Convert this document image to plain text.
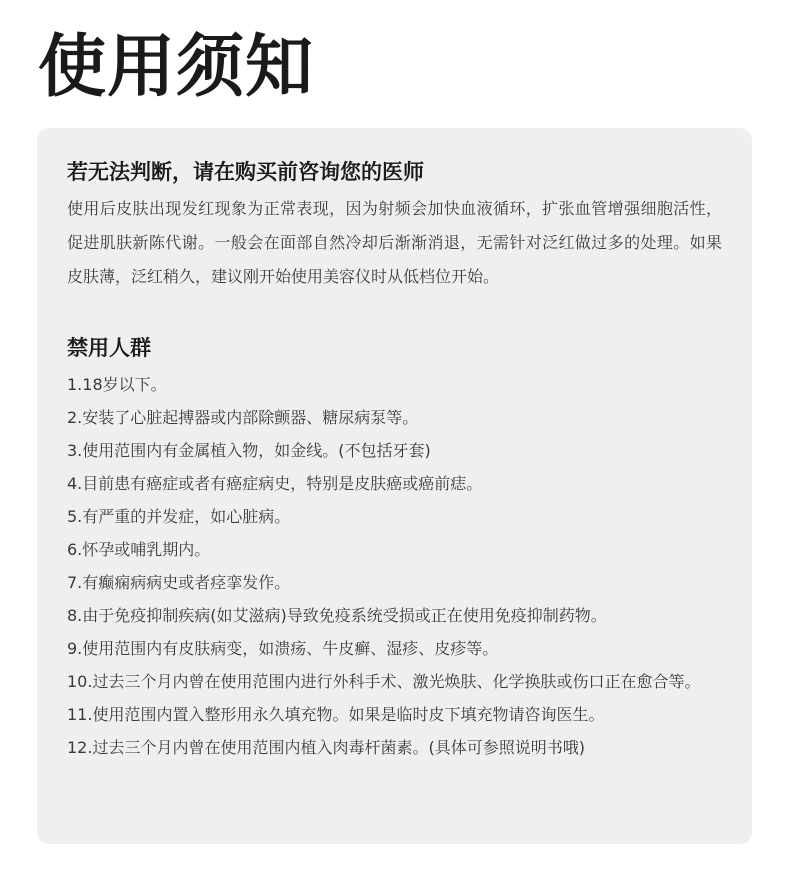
使用须知
若无法判断，请在购买前咨询您的医师

使用后皮肤出现发红现象为正常表现，因为射频会加快血液循环，扩张血管增强细胞活性，促进肌肤新陈代谢。一般会在面部自然冷却后渐渐消退，无需针对泛红做过多的处理。如果皮肤薄，泛红稍久，建议刚开始使用美容仪时从低档位开始。

禁用人群
1.18岁以下。
2.安装了心脏起搏器或内部除颤器、糖尿病泵等。
3.使用范围内有金属植入物，如金线。(不包括牙套)
4.目前患有癌症或者有癌症病史，特别是皮肤癌或癌前痣。
5.有严重的并发症，如心脏病。
6.怀孕或哺乳期内。
7.有癫痫病病史或者痉挛发作。
8.由于免疫抑制疾病(如艾滋病)导致免疫系统受损或正在使用免疫抑制药物。
9.使用范围内有皮肤病变，如溃疡、牛皮癣、湿疹、皮疹等。
10.过去三个月内曾在使用范围内进行外科手术、激光焕肤、化学换肤或伤口正在愈合等。
11.使用范围内置入整形用永久填充物。如果是临时皮下填充物请咨询医生。
12.过去三个月内曾在使用范围内植入肉毒杆菌素。(具体可参照说明书哦)
